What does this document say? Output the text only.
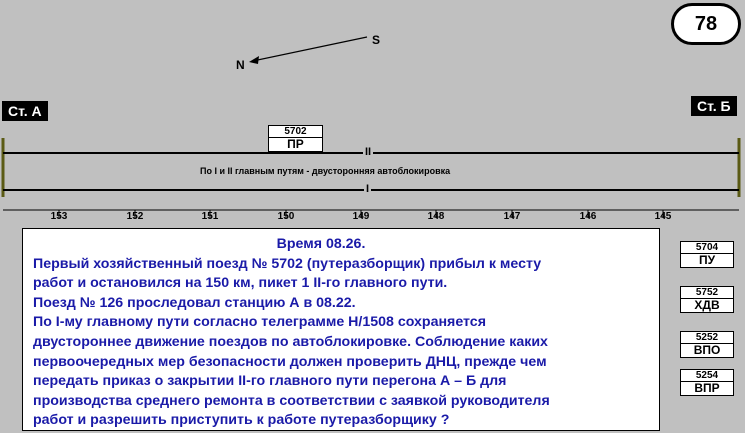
78
S
N
Ст. А	Ст. Б
II
I
По I и II главным путям - двусторонняя автоблокировка
5702
ПР
153	152	151	150	149	148	147	146	145
Время 08.26.

Первый хозяйственный поезд № 5702 (путеразборщик) прибыл к месту

работ и остановился на 150 км, пикет 1 II-го главного пути.

Поезд № 126 проследовал станцию А в 08.22.

По I-му главному пути согласно телеграмме Н/1508 сохраняется

двустороннее движение поездов по автоблокировке. Соблюдение каких

первоочередных мер безопасности должен проверить ДНЦ, прежде чем

передать приказ о закрытии II-го главного пути перегона А – Б для

производства среднего ремонта в соответствии с заявкой руководителя

работ и разрешить приступить к работе путеразборщику ?

5704
ПУ
5752
ХДВ
5252
ВПО
5254
ВПР
